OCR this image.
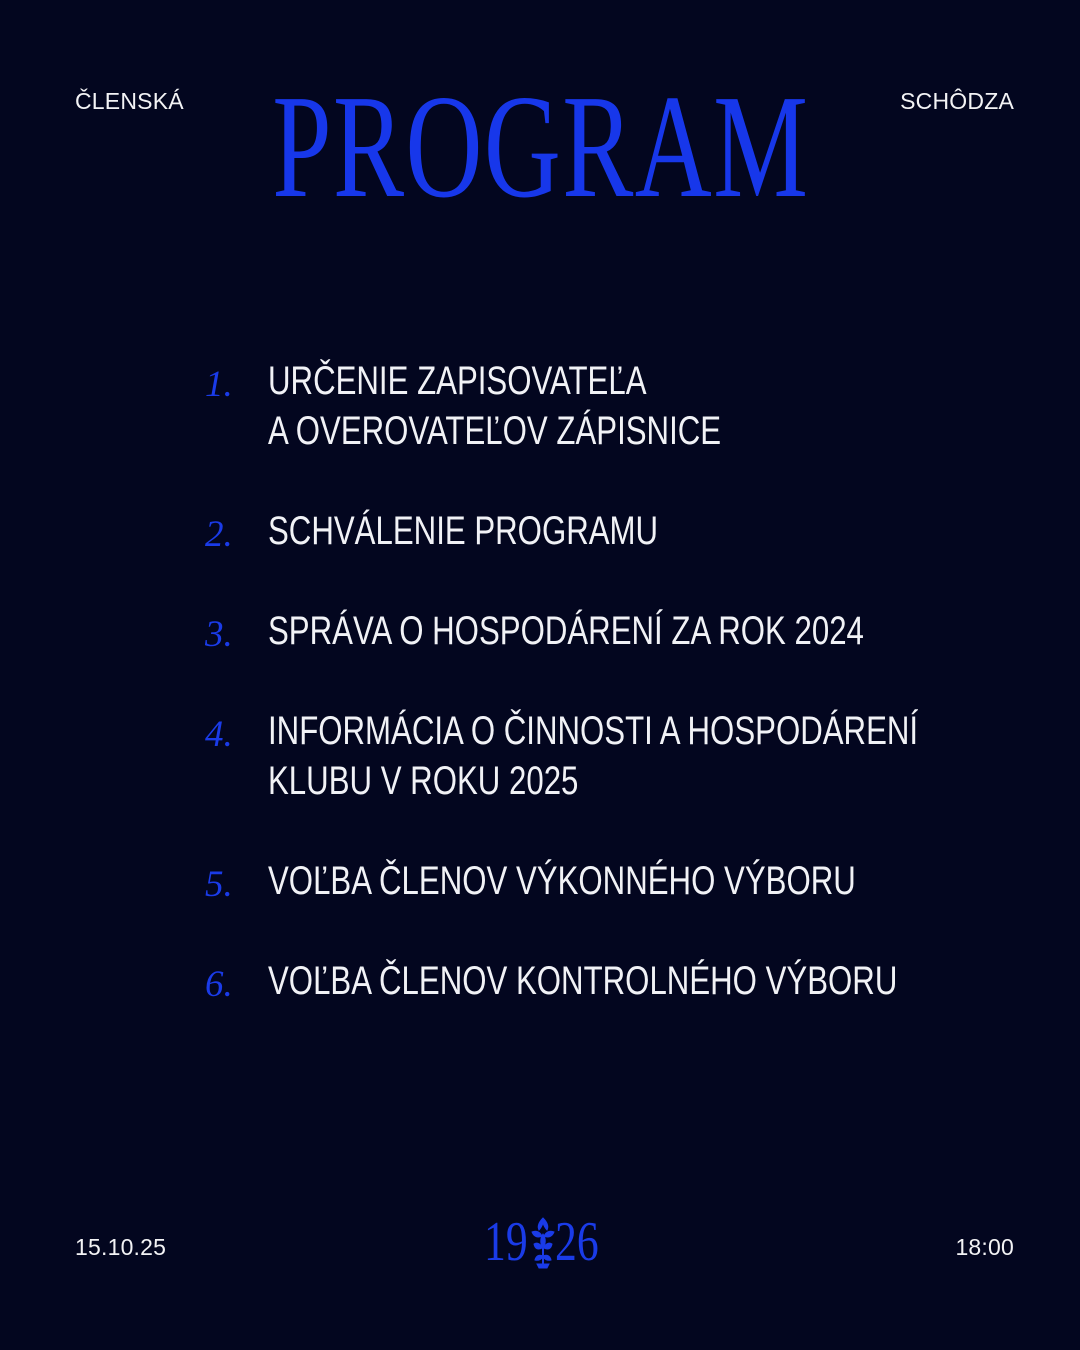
ČLENSKÁ PROGRAM	SCHÔDZA
1. URČENIE ZAPISOVATEĽA
A OVEROVATEĽOV ZÁPISNICE
2. SCHVÁLENIE PROGRAMU
3. SPRÁVA O HOSPODÁRENÍ ZA ROK 2024
4. INFORMÁCIA O ČINNOSTI A HOSPODÁRENÍ
KLUBU V ROKU 2025
5. VOĽBA ČLENOV VÝKONNÉHO VÝBORU
6. VOĽBA ČLENOV KONTROLNÉHO VÝBORU
15.10.25	19 26	18:00
